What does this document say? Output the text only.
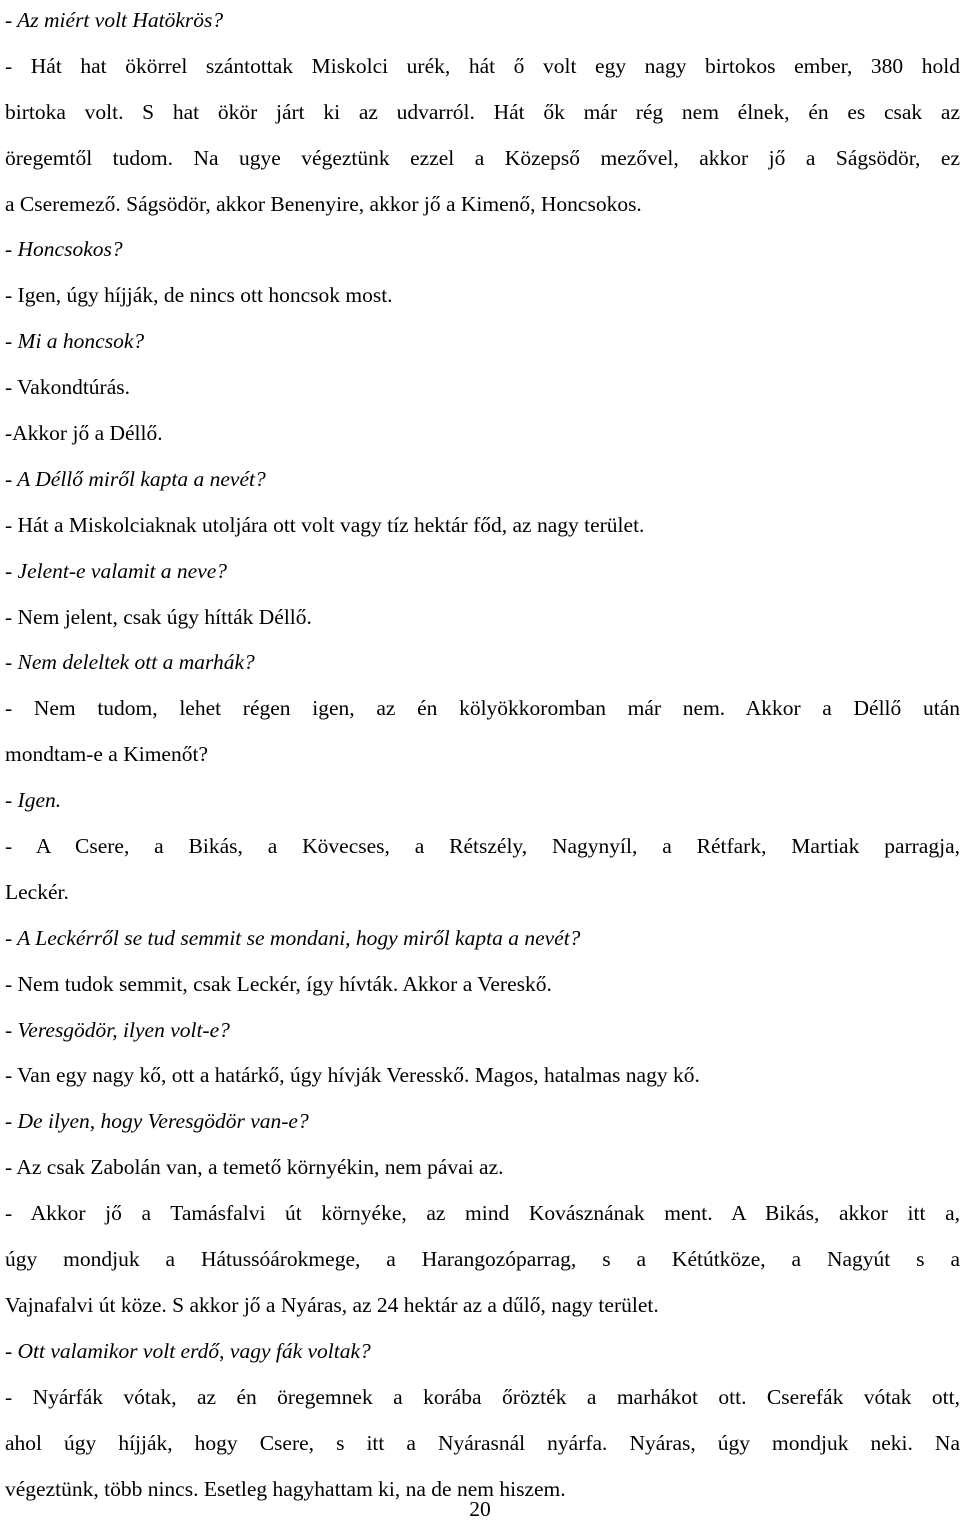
- Az miért volt Hatökrös?
- Hát hat ökörrel szántottak Miskolci urék, hát ő volt egy nagy birtokos ember, 380 hold
birtoka volt. S hat ökör járt ki az udvarról. Hát ők már rég nem élnek, én es csak az
öregemtől tudom. Na ugye végeztünk ezzel a Közepső mezővel, akkor jő a Ságsödör, ez
a Cseremező. Ságsödör, akkor Benenyire, akkor jő a Kimenő, Honcsokos.
- Honcsokos?
- Igen, úgy híjják, de nincs ott honcsok most.
- Mi a honcsok?
- Vakondtúrás.
-Akkor jő a Déllő.
- A Déllő miről kapta a nevét?
- Hát a Miskolciaknak utoljára ott volt vagy tíz hektár főd, az nagy terület.
- Jelent-e valamit a neve?
- Nem jelent, csak úgy hítták Déllő.
- Nem deleltek ott a marhák?
- Nem tudom, lehet régen igen, az én kölyökkoromban már nem. Akkor a Déllő után
mondtam-e a Kimenőt?
- Igen.
- A Csere, a Bikás, a Kövecses, a Rétszély, Nagynyíl, a Rétfark, Martiak parragja,
Leckér.
- A Leckérről se tud semmit se mondani, hogy miről kapta a nevét?
- Nem tudok semmit, csak Leckér, így hívták. Akkor a Vereskő.
- Veresgödör, ilyen volt-e?
- Van egy nagy kő, ott a határkő, úgy hívják Veresskő. Magos, hatalmas nagy kő.
- De ilyen, hogy Veresgödör van-e?
- Az csak Zabolán van, a temető környékin, nem pávai az.
- Akkor jő a Tamásfalvi út környéke, az mind Kovásznának ment. A Bikás, akkor itt a,
úgy mondjuk a Hátussóárokmege, a Harangozóparrag, s a Kétútköze, a Nagyút s a
Vajnafalvi út köze. S akkor jő a Nyáras, az 24 hektár az a dűlő, nagy terület.
- Ott valamikor volt erdő, vagy fák voltak?
- Nyárfák vótak, az én öregemnek a korába őrözték a marhákot ott. Cserefák vótak ott,
ahol úgy híjják, hogy Csere, s itt a Nyárasnál nyárfa. Nyáras, úgy mondjuk neki. Na
végeztünk, több nincs. Esetleg hagyhattam ki, na de nem hiszem.
20
